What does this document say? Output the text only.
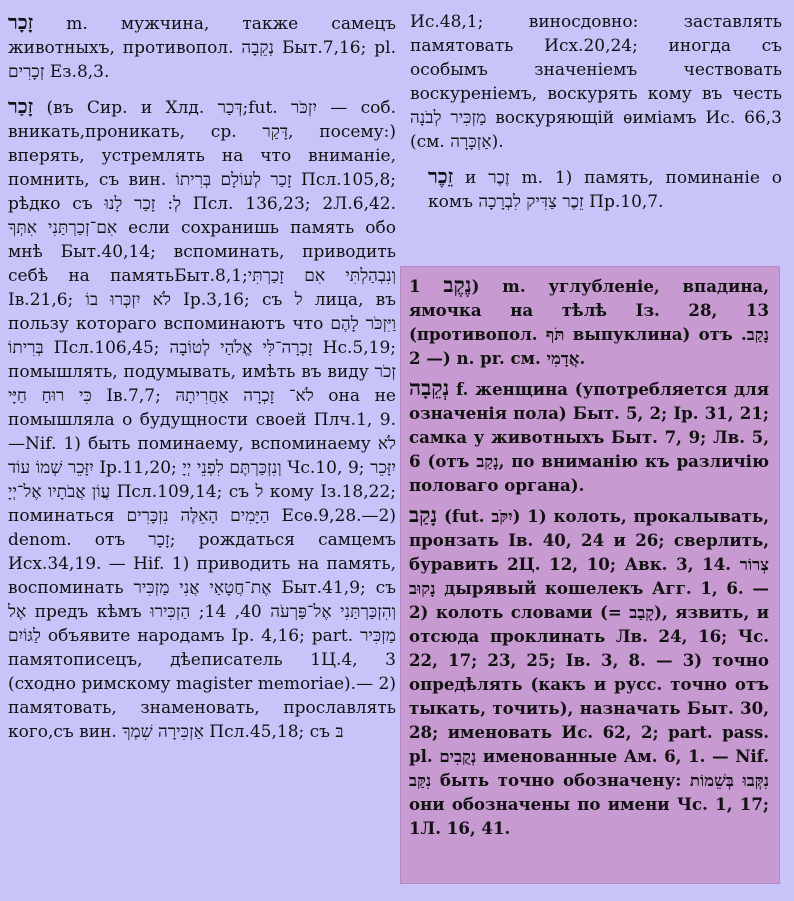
זָכָר m. мужчина, также самецъ животныхъ, противопол. נְקֵבָה Быт.7,16; pl. זְכָרִים Ез.8,3.

זָכַר (въ Сир. и Хлд. דְּכַר;fut. יִזְכֹּר — соб. вникать,проникать, ср. דָּקַר, посему:) вперять, устремлять на что вниманіе, помнить, съ вин. זָכַר לְעוֹלָם בְּרִיתוֹ Псл.105,8; рѣдко съ לְ: זָכַר לָנוּ Псл. 136,23; 2Л.6,42. אִם־זְכַרְתַּנִי אִתְּךָ если сохранишь память обо мнѣ Быт.40,14; вспоминать, приводить себѣ на памятьБыт.8,1;וְנִבְהַלְתִּי אִם זָכַרְתִּי Iв.21,6; לֹא יִזְכְּרוּ בוֹ Iр.3,16; съ ל лица, въ пользу котораго вспоминаютъ что וַיִּזְכֹּר לָהֶם בְּרִיתוֹ Псл.106,45; זָכְרָה־לִּי אֱלֹהַי לְטוֹבָה Нс.5,19; помышлять, подумывать, имѣть въ виду זְכֹר כִּי רוּחַ חַיָּי Iв.7,7; לֹא־ זָכְרָה אַחֲרִיתָהּ она не помышляла о будущности своей Плч.1, 9.—Nif. 1) быть поминаему, вспоминаему לֹא יִזָּכֵר שְׁמוֹ עוֹד Iр.11,20; וְנִזְכַּרְתֶּם לִפְנֵי יְיָ Чс.10, 9; יִזָּכֵר עֲוֹן אֲבֹתָיו אֶל־יְיָ Псл.109,14; съ ל кому Iз.18,22; поминаться הַיָּמִים הָאֵלֶּה נִזְכָּרִים Есѳ.9,28.—2) denom. отъ זָכָר; рождаться самцемъ Исх.34,19. — Hif. 1) приводить на память, воспоминать אֶת־חֲטָאַי אֲנִי מַזְכִּיר Быт.41,9; съ אֶל предъ кѣмъ וְהִזְכַּרְתַּנִי אֶל־פַּרְעֹה 40, 14; הַזְכִּירוּ לַגּוֹיִם объявите народамъ Iр. 4,16; part. מַזְכִּיר памятописецъ, дѣеписатель 1Ц.4, 3 (сходно римскому magister memoriae).— 2) памятовать, знаменовать, прославлять кого,съ вин. אַזְכִּירָה שִׁמְךָ Псл.45,18; съ בּ

Ис.48,1; виносдовно: заставлять памятовать Исх.20,24; иногда съ особымъ значеніемъ чествовать воскуреніемъ, воскурять кому въ честь מַזְכִּיר לְבֹנָה воскуряющій ѳиміамъ Ис. 66,3 (см. אַזְכָּרָה).

זֵכֶר и זֶכֶר m. 1) память, поминаніе о комъ זֵכֶר צַדִּיק לִבְרָכָה Пр.10,7.

נֶקֶב 1) m. углубленіе, впадина, ямочка на тѣлѣ Iз. 28, 13 (противопол. תֹּף выпуклина) отъ נָקַב. — 2) n. pr. см. אֲדָמִי.

נְקֵבָה f. женщина (употребляется для означенія пола) Быт. 5, 2; Iр. 31, 21; самка у животныхъ Быт. 7, 9; Лв. 5, 6 (отъ נָקַב, по вниманію къ различію половаго органа).

נָקַב (fut. יִקֹּב) 1) колоть, прокалывать, пронзать Iв. 40, 24 и 26; сверлить, буравить 2Ц. 12, 10; Авк. 3, 14. צְרוֹר נָקוּב дырявый кошелекъ Агг. 1, 6. — 2) колоть словами (= קָבַב), язвить, и отсюда проклинать Лв. 24, 16; Чс. 22, 17; 23, 25; Iв. 3, 8. — 3) точно опредѣлять (какъ и русс. точно отъ тыкать, точить), назначать Быт. 30, 28; именовать Ис. 62, 2; part. pass. pl. נְקֻבִים именованные Ам. 6, 1. — Nif. נִקַּב быть точно обозначену: נִקְּבוּ בְּשֵׁמוֹת они обозначены по имени Чс. 1, 17; 1Л. 16, 41.
